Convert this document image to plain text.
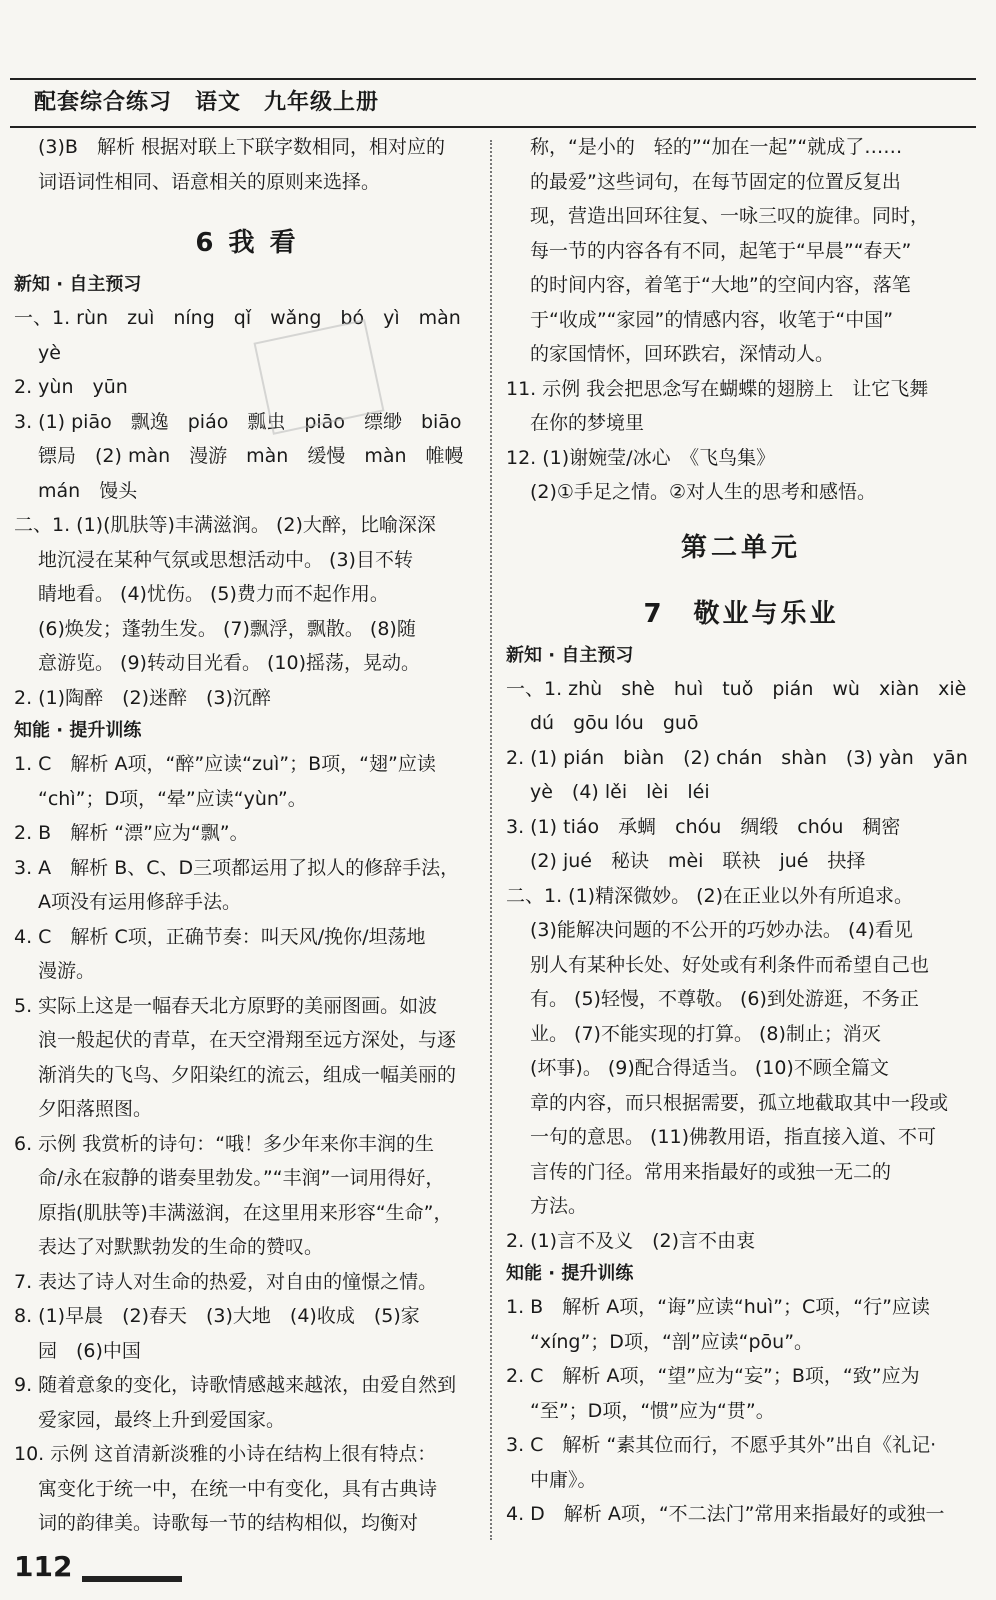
配套综合练习　语文　九年级上册
(3)B　解析 根据对联上下联字数相同，相对应的
词语词性相同、语意相关的原则来选择。
6 我 看
新知 · 自主预习
一、1. rùn　zuì　níng　qǐ　wǎng　bó　yì　màn
yè
2. yùn　yūn
3. (1) piāo　飘逸　piáo　瓢虫　piāo　缥缈　biāo
镖局　(2) màn　漫游　màn　缓慢　màn　帷幔
mán　馒头
二、1. (1)(肌肤等)丰满滋润。 (2)大醉，比喻深深
地沉浸在某种气氛或思想活动中。 (3)目不转
睛地看。 (4)忧伤。 (5)费力而不起作用。
(6)焕发；蓬勃生发。 (7)飘浮，飘散。 (8)随
意游览。 (9)转动目光看。 (10)摇荡，晃动。
2. (1)陶醉　(2)迷醉　(3)沉醉
知能 · 提升训练
1. C　解析 A项，“醉”应读“zuì”；B项，“翅”应读
“chì”；D项，“晕”应读“yùn”。
2. B　解析 “漂”应为“飘”。
3. A　解析 B、C、D三项都运用了拟人的修辞手法，
A项没有运用修辞手法。
4. C　解析 C项，正确节奏：叫天风/挽你/坦荡地
漫游。
5. 实际上这是一幅春天北方原野的美丽图画。如波
浪一般起伏的青草，在天空滑翔至远方深处，与逐
渐消失的飞鸟、夕阳染红的流云，组成一幅美丽的
夕阳落照图。
6. 示例 我赏析的诗句：“哦！多少年来你丰润的生
命/永在寂静的谐奏里勃发。”“丰润”一词用得好，
原指(肌肤等)丰满滋润，在这里用来形容“生命”，
表达了对默默勃发的生命的赞叹。
7. 表达了诗人对生命的热爱，对自由的憧憬之情。
8. (1)早晨　(2)春天　(3)大地　(4)收成　(5)家
园　(6)中国
9. 随着意象的变化，诗歌情感越来越浓，由爱自然到
爱家园，最终上升到爱国家。
10. 示例 这首清新淡雅的小诗在结构上很有特点：
寓变化于统一中，在统一中有变化，具有古典诗
词的韵律美。诗歌每一节的结构相似，均衡对
称，“是小的　轻的”“加在一起”“就成了……
的最爱”这些词句，在每节固定的位置反复出
现，营造出回环往复、一咏三叹的旋律。同时，
每一节的内容各有不同，起笔于“早晨”“春天”
的时间内容，着笔于“大地”的空间内容，落笔
于“收成”“家园”的情感内容，收笔于“中国”
的家国情怀，回环跌宕，深情动人。
11. 示例 我会把思念写在蝴蝶的翅膀上　让它飞舞
在你的梦境里
12. (1)谢婉莹/冰心　《飞鸟集》
(2)①手足之情。②对人生的思考和感悟。
第二单元
7　敬业与乐业
新知 · 自主预习
一、1. zhù　shè　huì　tuǒ　pián　wù　xiàn　xiè
dú　gōu lóu　guō
2. (1) pián　biàn　(2) chán　shàn　(3) yàn　yān
yè　(4) lěi　lèi　léi
3. (1) tiáo　承蜩　chóu　绸缎　chóu　稠密
(2) jué　秘诀　mèi　联袂　jué　抉择
二、1. (1)精深微妙。 (2)在正业以外有所追求。
(3)能解决问题的不公开的巧妙办法。 (4)看见
别人有某种长处、好处或有利条件而希望自己也
有。 (5)轻慢，不尊敬。 (6)到处游逛，不务正
业。 (7)不能实现的打算。 (8)制止；消灭
(坏事)。 (9)配合得适当。 (10)不顾全篇文
章的内容，而只根据需要，孤立地截取其中一段或
一句的意思。 (11)佛教用语，指直接入道、不可
言传的门径。常用来指最好的或独一无二的
方法。
2. (1)言不及义　(2)言不由衷
知能 · 提升训练
1. B　解析 A项，“诲”应读“huì”；C项，“行”应读
“xíng”；D项，“剖”应读“pōu”。
2. C　解析 A项，“望”应为“妄”；B项，“致”应为
“至”；D项，“惯”应为“贯”。
3. C　解析 “素其位而行，不愿乎其外”出自《礼记·
中庸》。
4. D　解析 A项，“不二法门”常用来指最好的或独一
112
